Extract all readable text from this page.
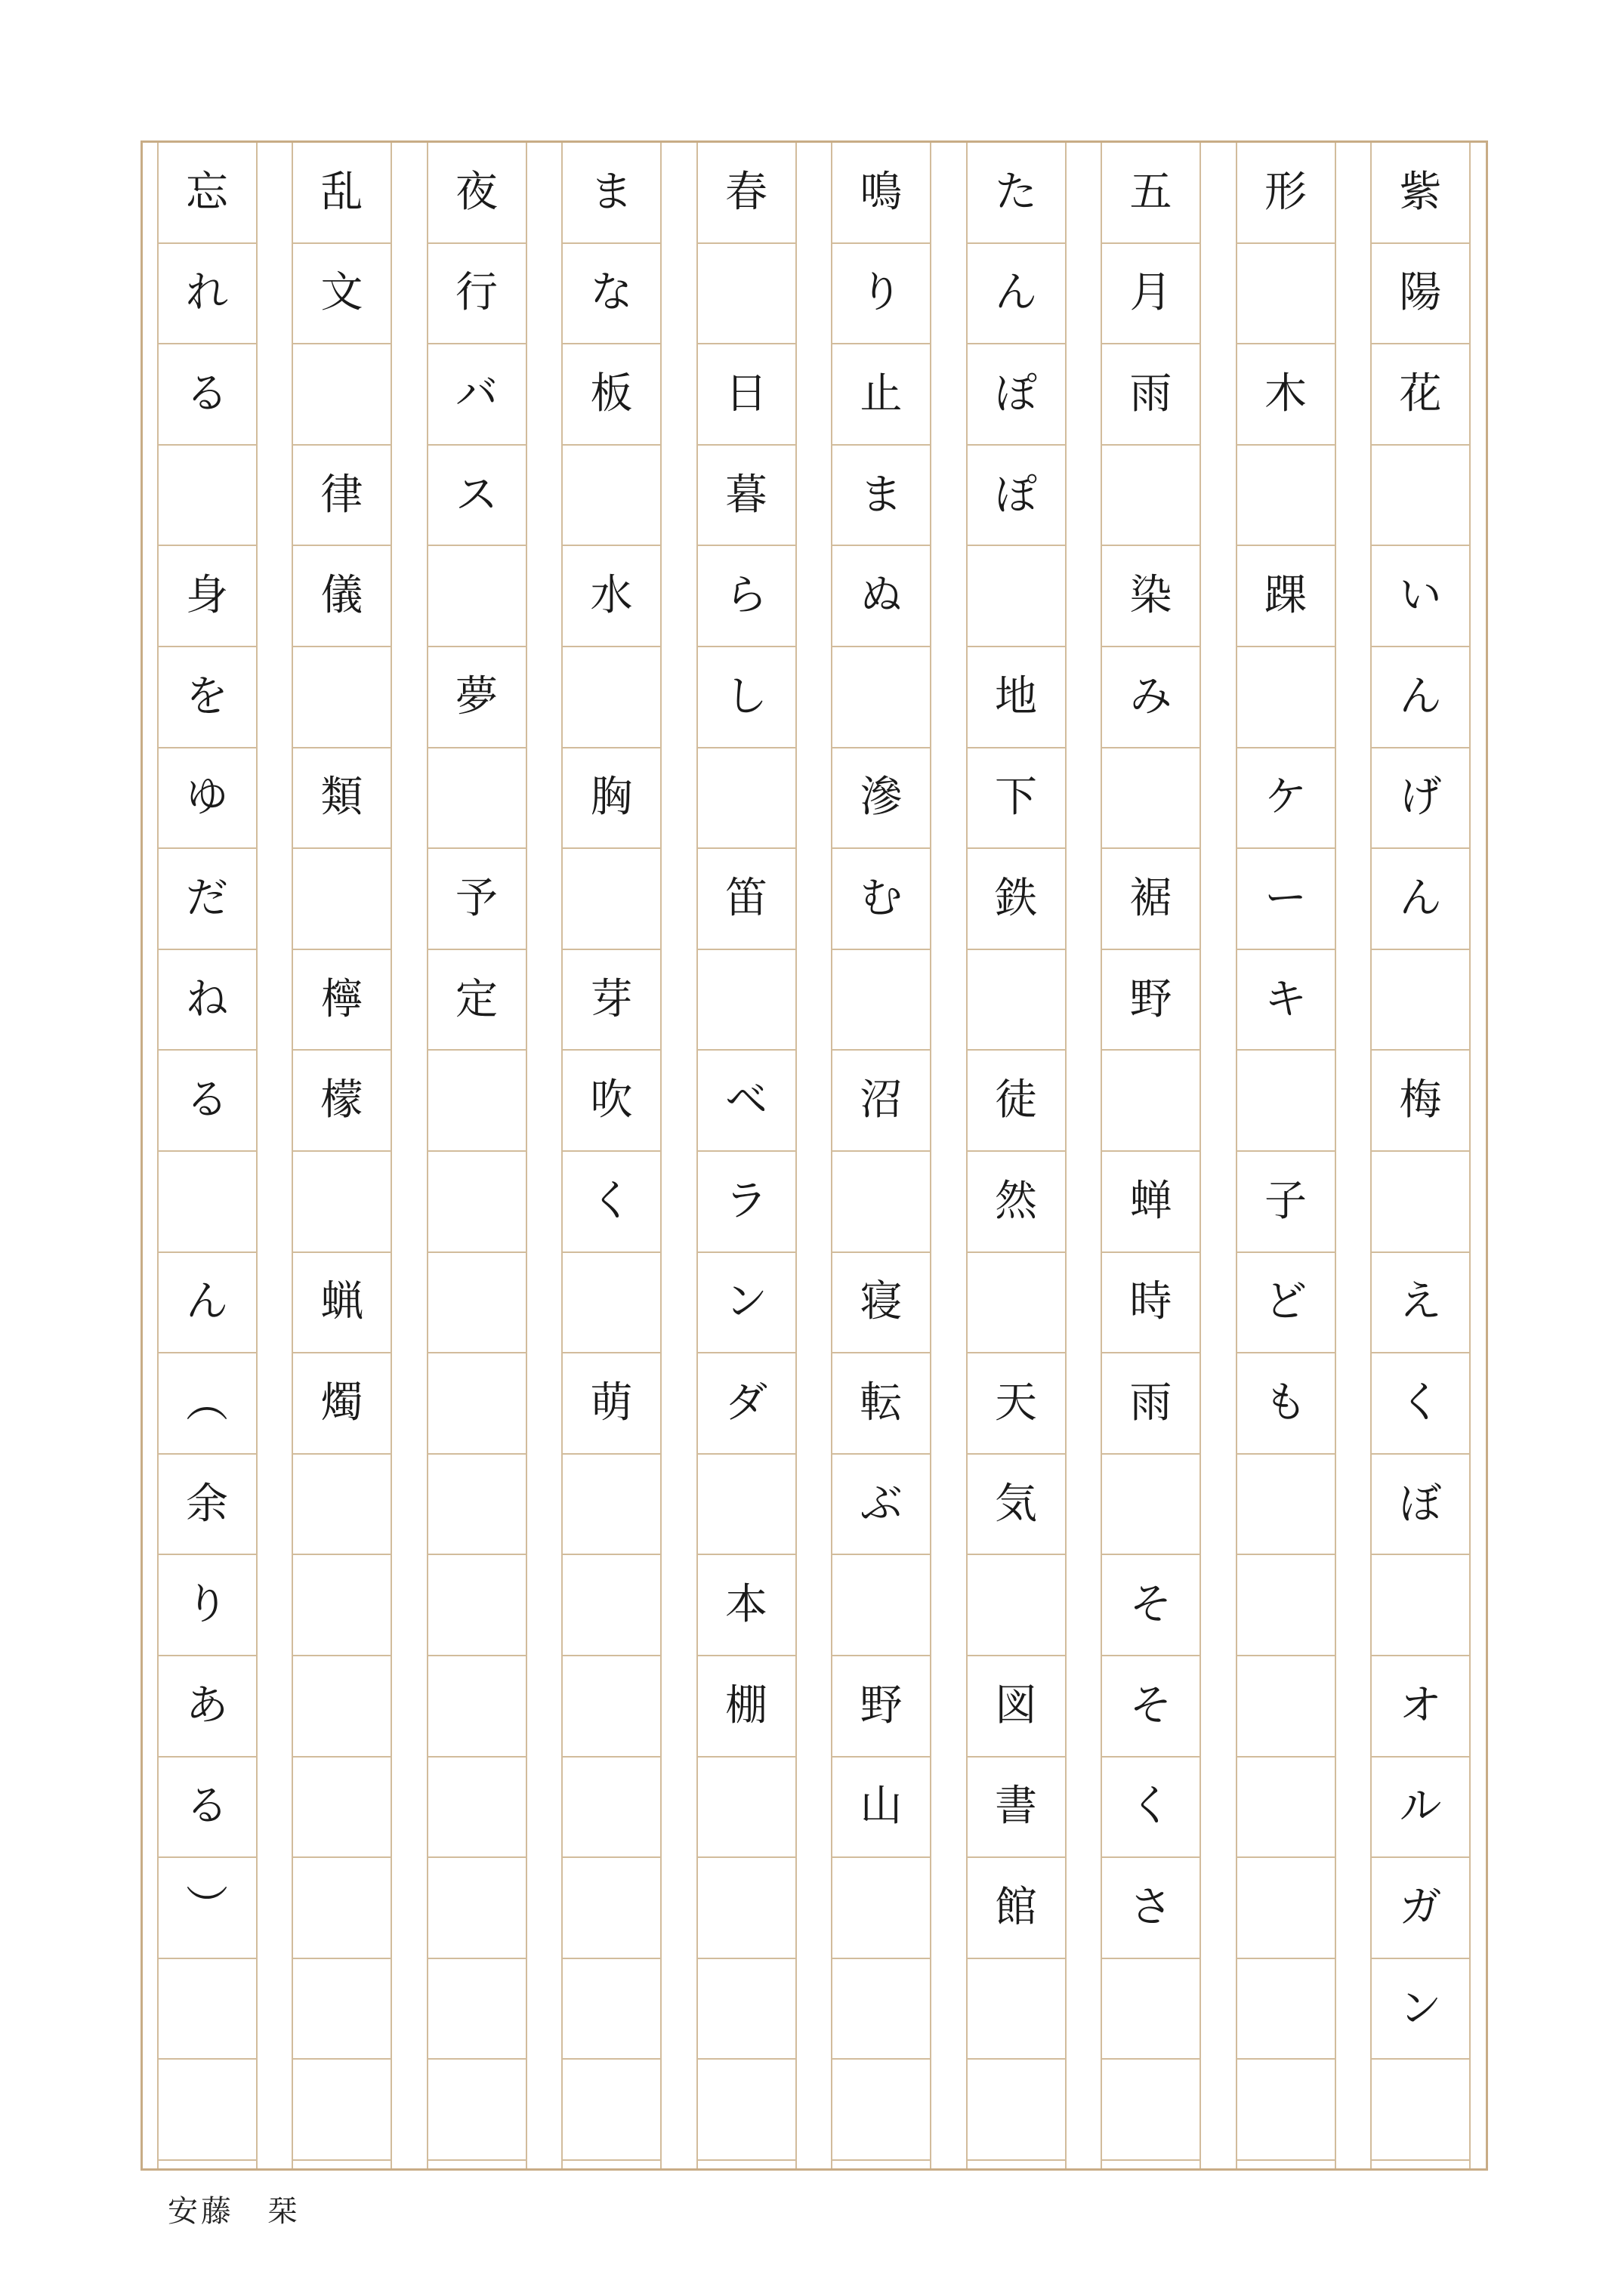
紫
陽
花
い
ん
げ
ん
梅
え
く
ぼ
オ
ル
ガ
ン
形
木
踝
ケ
ー
キ
子
ど
も
五
月
雨
染
み
裾
野
蝉
時
雨
そ
そ
く
さ
た
ん
ぽ
ぽ
地
下
鉄
徒
然
天
気
図
書
館
鳴
り
止
ま
ぬ
滲
む
沼
寝
転
ぶ
野
山
春
日
暮
ら
し
笛
ベ
ラ
ン
ダ
本
棚
ま
な
板
水
胸
芽
吹
く
萌
夜
行
バ
ス
夢
予
定
乱
文
律
儀
類
檸
檬
蝋
燭
忘
れ
る
身
を
ゆ
だ
ね
る
ん
︵
余
り
あ
る
︶
安藤　栞
